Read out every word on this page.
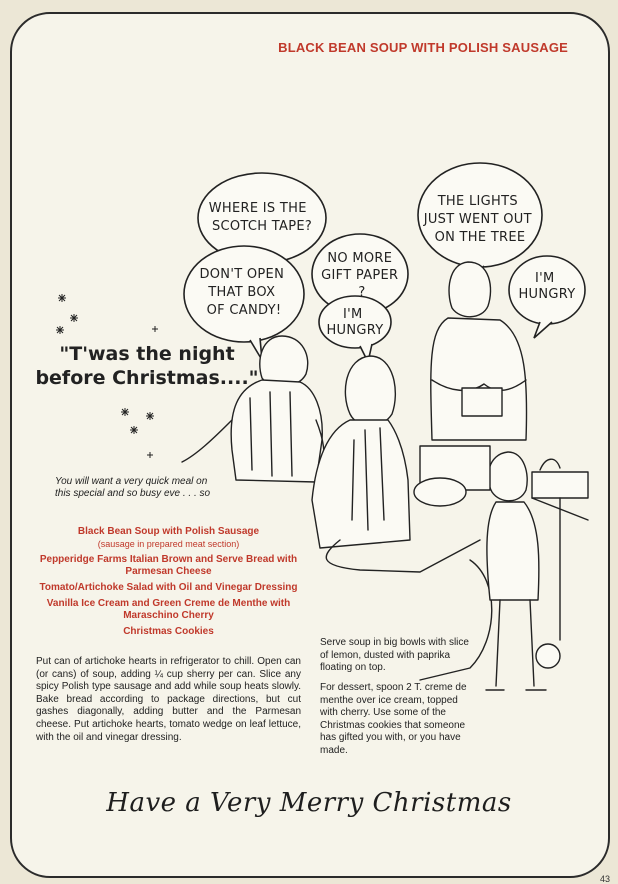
BLACK BEAN SOUP WITH POLISH SAUSAGE
WHERE IS THE SCOTCH TAPE?
DON'T OPEN THAT BOX OF CANDY!
NO MORE GIFT PAPER ?
I'M HUNGRY
THE LIGHTS JUST WENT OUT ON THE TREE
I'M HUNGRY
"T'was the night
before Christmas...."
You will want a very quick meal on this special and so busy eve . . . so
Black Bean Soup with Polish Sausage
(sausage in prepared meat section)
Pepperidge Farms Italian Brown and Serve Bread with Parmesan Cheese
Tomato/Artichoke Salad with Oil and Vinegar Dressing
Vanilla Ice Cream and Green Creme de Menthe with Maraschino Cherry
Christmas Cookies

Put can of artichoke hearts in refrigerator to chill. Open can (or cans) of soup, adding ¼ cup sherry per can. Slice any spicy Polish type sausage and add while soup heats slowly. Bake bread according to package directions, but cut gashes diagonally, adding butter and the Parmesan cheese. Put artichoke hearts, tomato wedge on leaf lettuce, with the oil and vinegar dressing.

Serve soup in big bowls with slice of lemon, dusted with paprika floating on top.

For dessert, spoon 2 T. creme de menthe over ice cream, topped with cherry. Use some of the Christmas cookies that someone has gifted you with, or you have made.

Have a Very Merry Christmas
43
